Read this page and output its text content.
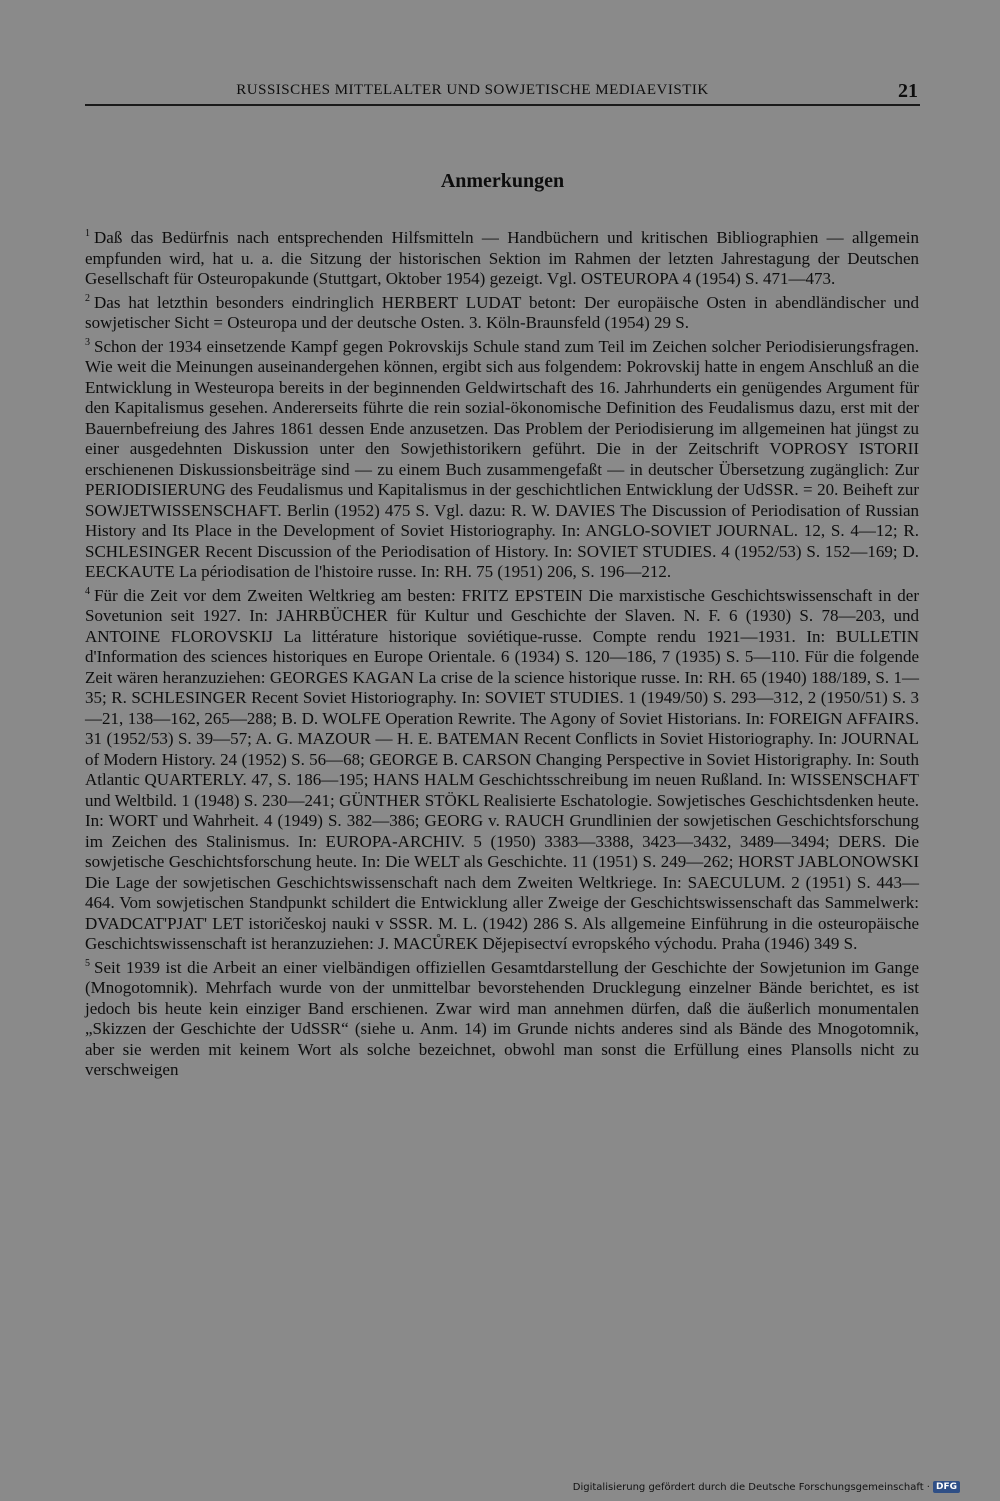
RUSSISCHES MITTELALTER UND SOWJETISCHE MEDIAEVISTIK	21
Anmerkungen

$^1$ Daß das Bedürfnis nach entsprechenden Hilfsmitteln — Handbüchern und kritischen Bibliographien — allgemein empfunden wird, hat u. a. die Sitzung der historischen Sektion im Rahmen der letzten Jahrestagung der Deutschen Gesellschaft für Osteuropakunde (Stuttgart, Oktober 1954) gezeigt. Vgl. OSTEUROPA 4 (1954) S. 471—473.

$^2$ Das hat letzthin besonders eindringlich HERBERT LUDAT betont: Der europäische Osten in abendländischer und sowjetischer Sicht = Osteuropa und der deutsche Osten. 3. Köln-Braunsfeld (1954) 29 S.

$^3$ Schon der 1934 einsetzende Kampf gegen Pokrovskijs Schule stand zum Teil im Zeichen solcher Periodisierungsfragen. Wie weit die Meinungen auseinandergehen können, ergibt sich aus folgendem: Pokrovskij hatte in engem Anschluß an die Entwicklung in Westeuropa bereits in der beginnenden Geldwirtschaft des 16. Jahrhunderts ein genügendes Argument für den Kapitalismus gesehen. Andererseits führte die rein sozial-ökonomische Definition des Feudalismus dazu, erst mit der Bauernbefreiung des Jahres 1861 dessen Ende anzusetzen. Das Problem der Periodisierung im allgemeinen hat jüngst zu einer ausgedehnten Diskussion unter den Sowjethistorikern geführt. Die in der Zeitschrift VOPROSY ISTORII erschienenen Diskussionsbeiträge sind — zu einem Buch zusammengefaßt — in deutscher Übersetzung zugänglich: Zur PERIODISIERUNG des Feudalismus und Kapitalismus in der geschichtlichen Entwicklung der UdSSR. = 20. Beiheft zur SOWJETWISSENSCHAFT. Berlin (1952) 475 S. Vgl. dazu: R. W. DAVIES The Discussion of Periodisation of Russian History and Its Place in the Development of Soviet Historiography. In: ANGLO-SOVIET JOURNAL. 12, S. 4—12; R. SCHLESINGER Recent Discussion of the Periodisation of History. In: SOVIET STUDIES. 4 (1952/53) S. 152—169; D. EECKAUTE La périodisation de l'histoire russe. In: RH. 75 (1951) 206, S. 196—212.

$^4$ Für die Zeit vor dem Zweiten Weltkrieg am besten: FRITZ EPSTEIN Die marxistische Geschichtswissenschaft in der Sovetunion seit 1927. In: JAHRBÜCHER für Kultur und Geschichte der Slaven. N. F. 6 (1930) S. 78—203, und ANTOINE FLOROVSKIJ La littérature historique soviétique-russe. Compte rendu 1921—1931. In: BULLETIN d'Information des sciences historiques en Europe Orientale. 6 (1934) S. 120—186, 7 (1935) S. 5—110. Für die folgende Zeit wären heranzuziehen: GEORGES KAGAN La crise de la science historique russe. In: RH. 65 (1940) 188/189, S. 1—35; R. SCHLESINGER Recent Soviet Historiography. In: SOVIET STUDIES. 1 (1949/50) S. 293—312, 2 (1950/51) S. 3—21, 138—162, 265—288; B. D. WOLFE Operation Rewrite. The Agony of Soviet Historians. In: FOREIGN AFFAIRS. 31 (1952/53) S. 39—57; A. G. MAZOUR — H. E. BATEMAN Recent Conflicts in Soviet Historiography. In: JOURNAL of Modern History. 24 (1952) S. 56—68; GEORGE B. CARSON Changing Perspective in Soviet Historigraphy. In: South Atlantic QUARTERLY. 47, S. 186—195; HANS HALM Geschichtsschreibung im neuen Rußland. In: WISSENSCHAFT und Weltbild. 1 (1948) S. 230—241; GÜNTHER STÖKL Realisierte Eschatologie. Sowjetisches Geschichtsdenken heute. In: WORT und Wahrheit. 4 (1949) S. 382—386; GEORG v. RAUCH Grundlinien der sowjetischen Geschichtsforschung im Zeichen des Stalinismus. In: EUROPA-ARCHIV. 5 (1950) 3383—3388, 3423—3432, 3489—3494; DERS. Die sowjetische Geschichtsforschung heute. In: Die WELT als Geschichte. 11 (1951) S. 249—262; HORST JABLONOWSKI Die Lage der sowjetischen Geschichtswissenschaft nach dem Zweiten Weltkriege. In: SAECULUM. 2 (1951) S. 443—464. Vom sowjetischen Standpunkt schildert die Entwicklung aller Zweige der Geschichtswissenschaft das Sammelwerk: DVADCAT'PJAT' LET istoričeskoj nauki v SSSR. M. L. (1942) 286 S. Als allgemeine Einführung in die osteuropäische Geschichtswissenschaft ist heranzuziehen: J. MACŮREK Dějepisectví evropského východu. Praha (1946) 349 S.

$^5$ Seit 1939 ist die Arbeit an einer vielbändigen offiziellen Gesamtdarstellung der Geschichte der Sowjetunion im Gange (Mnogotomnik). Mehrfach wurde von der unmittelbar bevorstehenden Drucklegung einzelner Bände berichtet, es ist jedoch bis heute kein einziger Band erschienen. Zwar wird man annehmen dürfen, daß die äußerlich monumentalen „Skizzen der Geschichte der UdSSR“ (siehe u. Anm. 14) im Grunde nichts anderes sind als Bände des Mnogotomnik, aber sie werden mit keinem Wort als solche bezeichnet, obwohl man sonst die Erfüllung eines Plansolls nicht zu verschweigen

Digitalisierung gefördert durch die Deutsche Forschungsgemeinschaft · DFG
